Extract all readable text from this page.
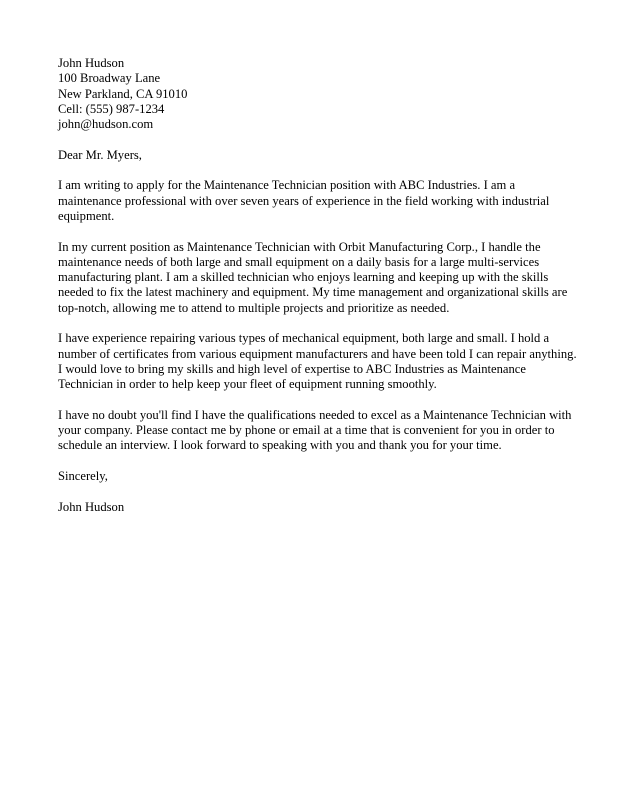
John Hudson
100 Broadway Lane
New Parkland, CA 91010
Cell: (555) 987-1234
john@hudson.com
Dear Mr. Myers,
I am writing to apply for the Maintenance Technician position with ABC Industries. I am a
maintenance professional with over seven years of experience in the field working with industrial
equipment.
In my current position as Maintenance Technician with Orbit Manufacturing Corp., I handle the
maintenance needs of both large and small equipment on a daily basis for a large multi-services
manufacturing plant. I am a skilled technician who enjoys learning and keeping up with the skills
needed to fix the latest machinery and equipment. My time management and organizational skills are
top-notch, allowing me to attend to multiple projects and prioritize as needed.
I have experience repairing various types of mechanical equipment, both large and small. I hold a
number of certificates from various equipment manufacturers and have been told I can repair anything.
I would love to bring my skills and high level of expertise to ABC Industries as Maintenance
Technician in order to help keep your fleet of equipment running smoothly.
I have no doubt you'll find I have the qualifications needed to excel as a Maintenance Technician with
your company. Please contact me by phone or email at a time that is convenient for you in order to
schedule an interview. I look forward to speaking with you and thank you for your time.
Sincerely,
John Hudson
